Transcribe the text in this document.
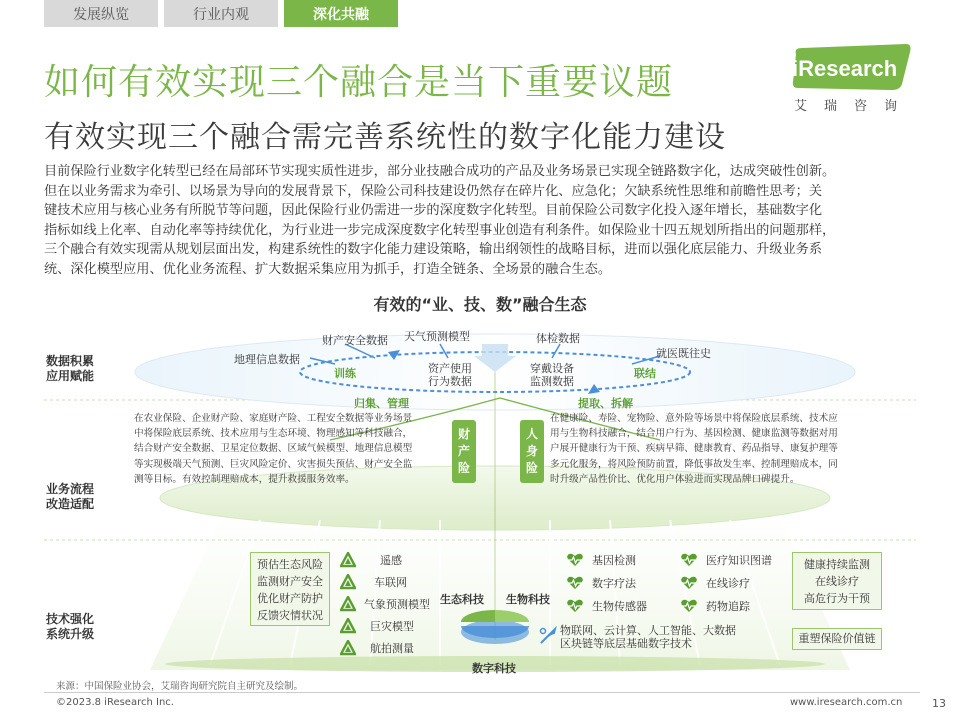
发展纵览	行业内观	深化共融
如何有效实现三个融合是当下重要议题
有效实现三个融合需完善系统性的数字化能力建设
iResearch
艾瑞咨询

目前保险行业数字化转型已经在局部环节实现实质性进步，部分业技融合成功的产品及业务场景已实现全链路数字化，达成突破性创新。

但在以业务需求为牵引、以场景为导向的发展背景下，保险公司科技建设仍然存在碎片化、应急化；欠缺系统性思维和前瞻性思考；关

键技术应用与核心业务有所脱节等问题，因此保险行业仍需进一步的深度数字化转型。目前保险公司数字化投入逐年增长，基础数字化

指标如线上化率、自动化率等持续优化，为行业进一步完成深度数字化转型事业创造有利条件。如保险业十四五规划所指出的问题那样，

三个融合有效实现需从规划层面出发，构建系统性的数字化能力建设策略，输出纲领性的战略目标，进而以强化底层能力、升级业务系

统、深化模型应用、优化业务流程、扩大数据采集应用为抓手，打造全链条、全场景的融合生态。

有效的“业、技、数”融合生态
数据积累
应用赋能
业务流程
改造适配
技术强化
系统升级
财产安全数据 天气预测模型
地理信息数据
体检数据
就医既往史
训练	联结
资产使用
行为数据
穿戴设备
监测数据
归集、管理	提取、拆解

在农业保险、企业财产险、家庭财产险、工程安全数据等业务场景

中将保险底层系统、技术应用与生态环境、物理感知等科技融合，

结合财产安全数据、卫星定位数据、区域气候模型、地理信息模型

等实现极端天气预测、巨灾风险定价、灾害损失预估、财产安全监

测等目标。有效控制理赔成本，提升救援服务效率。

财
产
险
人
身
险

在健康险、寿险、宠物险、意外险等场景中将保险底层系统、技术应

用与生物科技融合，结合用户行为、基因检测、健康监测等数据对用

户展开健康行为干预、疾病早筛、健康教育、药品指导、康复护理等

多元化服务，将风险预防前置，降低事故发生率、控制理赔成本，同

时升级产品性价比、优化用户体验进而实现品牌口碑提升。

预估生态风险

监测财产安全

优化财产防护

反馈灾情状况

遥感
车联网
气象预测模型
巨灾模型
航拍测量
生态科技 生物科技
数字科技
基因检测	医疗知识图谱
数字疗法	在线诊疗
生物传感器	药物追踪
物联网、云计算、人工智能、大数据
区块链等底层基础数字技术

健康持续监测

在线诊疗

高危行为干预

重塑保险价值链

来源：中国保险业协会，艾瑞咨询研究院自主研究及绘制。
©2023.8 iResearch Inc.	www.iresearch.com.cn	13
